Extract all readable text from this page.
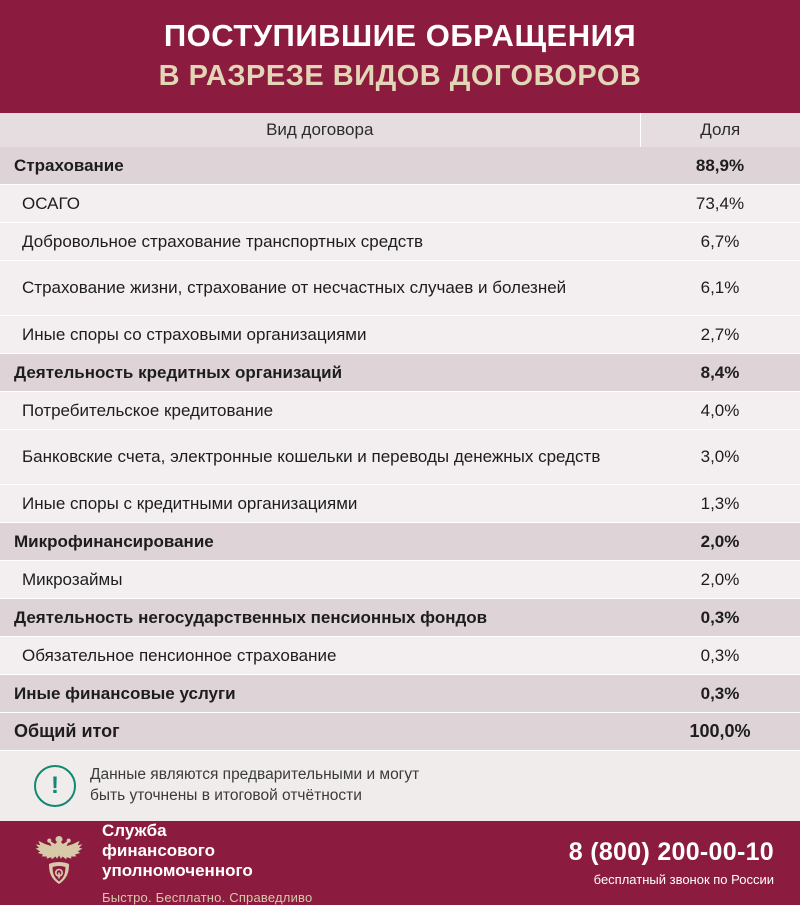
ПОСТУПИВШИЕ ОБРАЩЕНИЯ
В РАЗРЕЗЕ ВИДОВ ДОГОВОРОВ
Вид договора	Доля
Страхование	88,9%
ОСАГО	73,4%
Добровольное страхование транспортных средств	6,7%
Страхование жизни, страхование от несчастных случаев и болезней	6,1%
Иные споры со страховыми организациями	2,7%
Деятельность кредитных организаций	8,4%
Потребительское кредитование	4,0%
Банковские счета, электронные кошельки и переводы денежных средств	3,0%
Иные споры с кредитными организациями	1,3%
Микрофинансирование	2,0%
Микрозаймы	2,0%
Деятельность негосударственных пенсионных фондов	0,3%
Обязательное пенсионное страхование	0,3%
Иные финансовые услуги	0,3%
Общий итог	100,0%
!	Данные являются предварительными и могут
быть уточнены в итоговой отчётности
Служба
финансового
уполномоченного
Быстро. Бесплатно. Справедливо
8 (800) 200-00-10
бесплатный звонок по России
